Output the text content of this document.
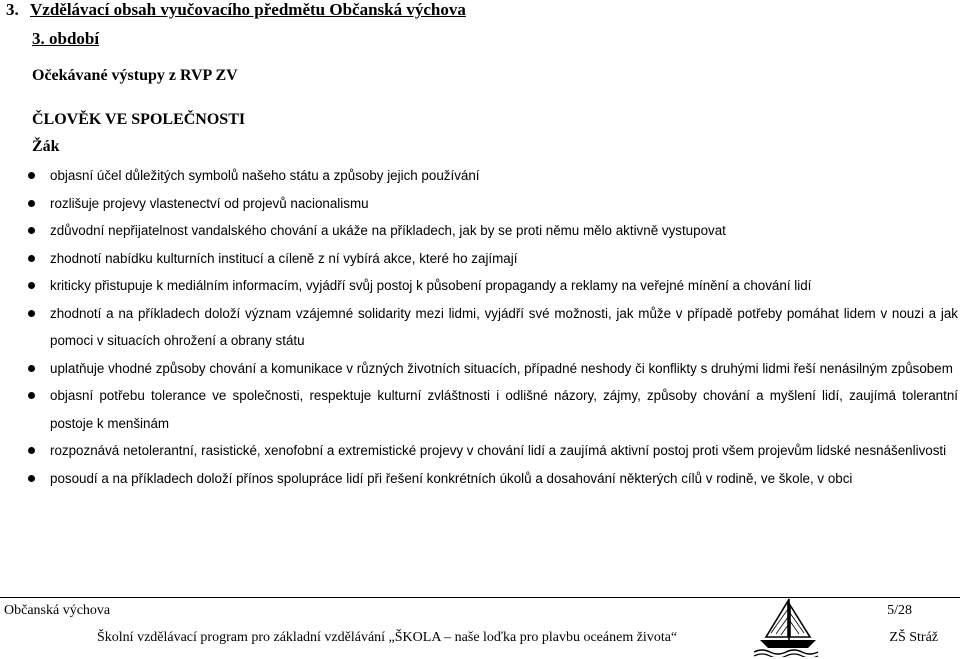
3. Vzdělávací obsah vyučovacího předmětu Občanská výchova
3. období
Očekávané výstupy z RVP ZV
ČLOVĚK VE SPOLEČNOSTI
Žák
objasní účel důležitých symbolů našeho státu a způsoby jejich používání
rozlišuje projevy vlastenectví od projevů nacionalismu
zdůvodní nepřijatelnost vandalského chování a ukáže na příkladech, jak by se proti němu mělo aktivně vystupovat
zhodnotí nabídku kulturních institucí a cíleně z ní vybírá akce, které ho zajímají
kriticky přistupuje k mediálním informacím, vyjádří svůj postoj k působení propagandy a reklamy na veřejné mínění a chování lidí
zhodnotí a na příkladech doloží význam vzájemné solidarity mezi lidmi, vyjádří své možnosti, jak může v případě potřeby pomáhat lidem v nouzi a jak pomoci v situacích ohrožení a obrany státu
uplatňuje vhodné způsoby chování a komunikace v různých životních situacích, případné neshody či konflikty s druhými lidmi řeší nenásilným způsobem
objasní potřebu tolerance ve společnosti, respektuje kulturní zvláštnosti i odlišné názory, zájmy, způsoby chování a myšlení lidí, zaujímá tolerantní postoje k menšinám
rozpoznává netolerantní, rasistické, xenofobní a extremistické projevy v chování lidí a zaujímá aktivní postoj proti všem projevům lidské nesnášenlivosti
posoudí a na příkladech doloží přínos spolupráce lidí při řešení konkrétních úkolů a dosahování některých cílů v rodině, ve škole, v obci
Občanská výchova	5/28
Školní vzdělávací program pro základní vzdělávání „ŠKOLA – naše loďka pro plavbu oceánem života“	ZŠ Stráž
